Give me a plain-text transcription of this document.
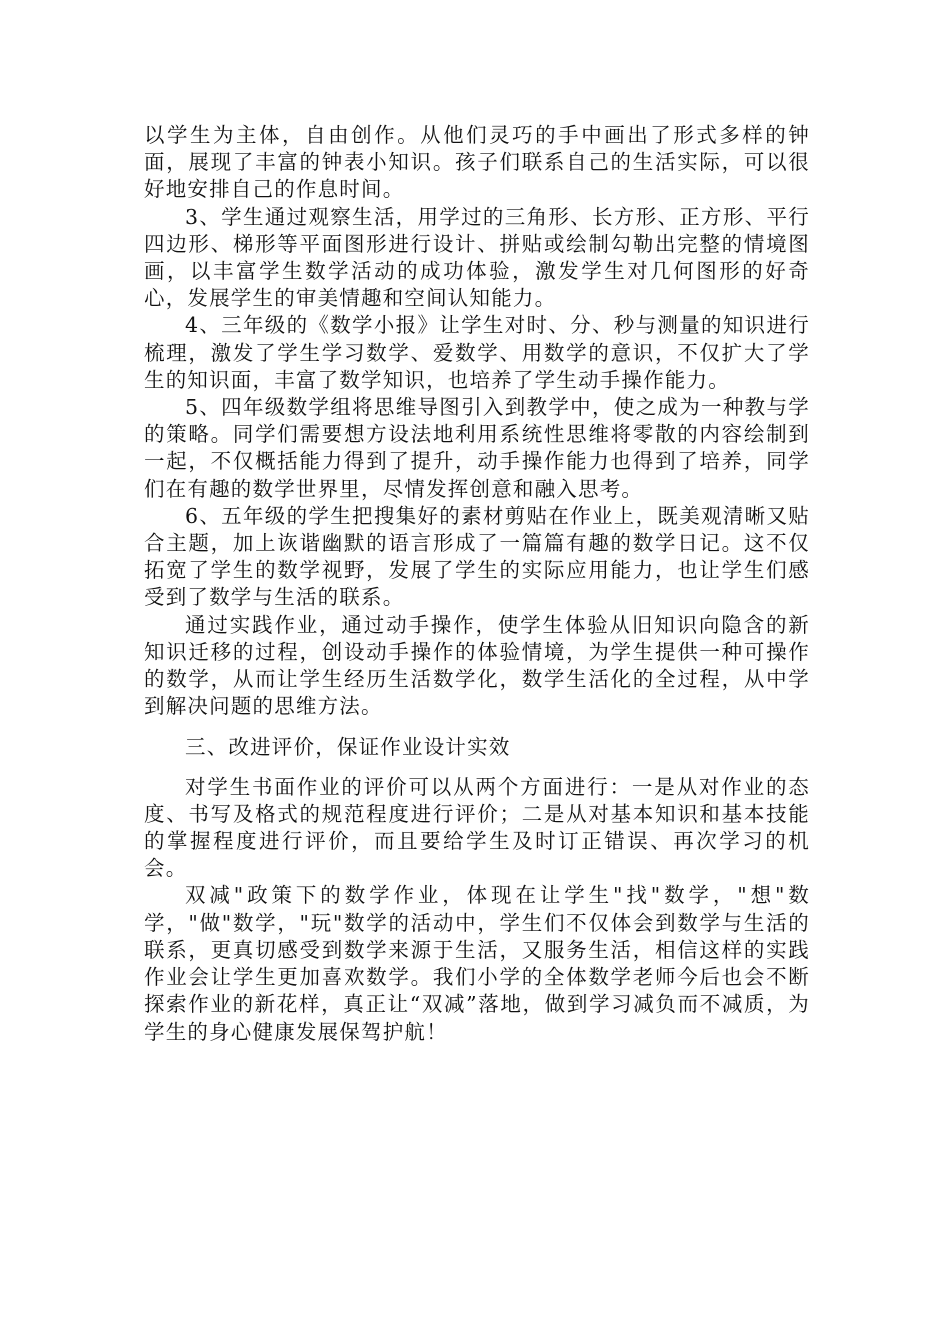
以学生为主体，自由创作。从他们灵巧的手中画出了形式多样的钟面，展现了丰富的钟表小知识。孩子们联系自己的生活实际，可以很好地安排自己的作息时间。

3、学生通过观察生活，用学过的三角形、长方形、正方形、平行四边形、梯形等平面图形进行设计、拼贴或绘制勾勒出完整的情境图画，以丰富学生数学活动的成功体验，激发学生对几何图形的好奇心，发展学生的审美情趣和空间认知能力。

4、三年级的《数学小报》让学生对时、分、秒与测量的知识进行梳理，激发了学生学习数学、爱数学、用数学的意识，不仅扩大了学生的知识面，丰富了数学知识，也培养了学生动手操作能力。

5、四年级数学组将思维导图引入到教学中，使之成为一种教与学的策略。同学们需要想方设法地利用系统性思维将零散的内容绘制到一起，不仅概括能力得到了提升，动手操作能力也得到了培养，同学们在有趣的数学世界里，尽情发挥创意和融入思考。

6、五年级的学生把搜集好的素材剪贴在作业上，既美观清晰又贴合主题，加上诙谐幽默的语言形成了一篇篇有趣的数学日记。这不仅拓宽了学生的数学视野，发展了学生的实际应用能力，也让学生们感受到了数学与生活的联系。

通过实践作业，通过动手操作，使学生体验从旧知识向隐含的新知识迁移的过程，创设动手操作的体验情境，为学生提供一种可操作的数学，从而让学生经历生活数学化，数学生活化的全过程，从中学到解决问题的思维方法。

三、改进评价，保证作业设计实效

对学生书面作业的评价可以从两个方面进行：一是从对作业的态度、书写及格式的规范程度进行评价；二是从对基本知识和基本技能的掌握程度进行评价，而且要给学生及时订正错误、再次学习的机会。

双减"政策下的数学作业，体现在让学生"找"数学，"想"数学，"做"数学，"玩"数学的活动中，学生们不仅体会到数学与生活的联系，更真切感受到数学来源于生活，又服务生活，相信这样的实践作业会让学生更加喜欢数学。我们小学的全体数学老师今后也会不断探索作业的新花样，真正让“双减”落地，做到学习减负而不减质，为学生的身心健康发展保驾护航！
